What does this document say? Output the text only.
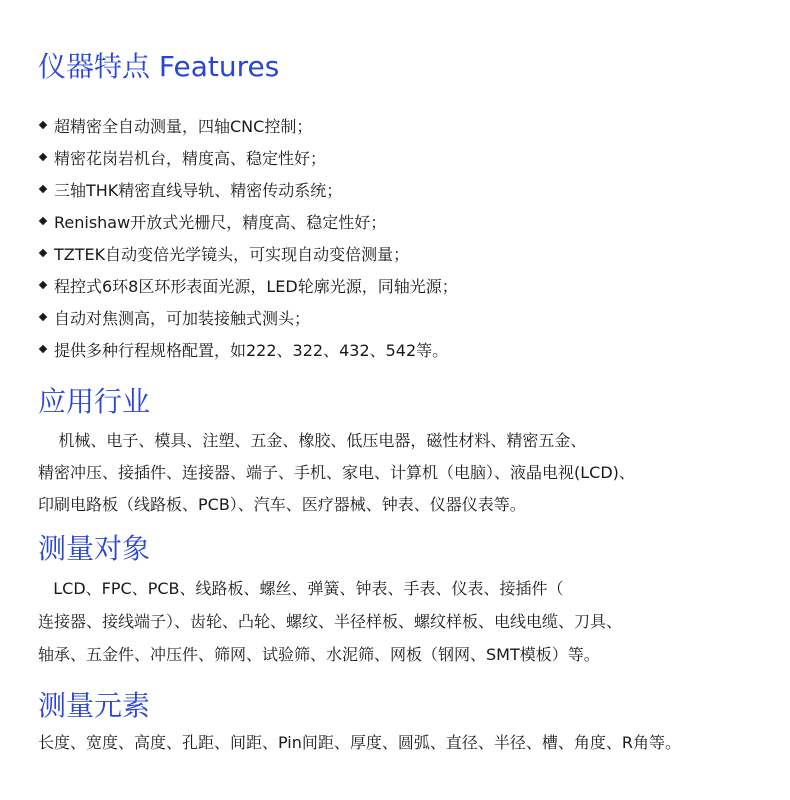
仪器特点 Features
超精密全自动测量，四轴CNC控制；
精密花岗岩机台，精度高、稳定性好；
三轴THK精密直线导轨、精密传动系统；
Renishaw开放式光栅尺，精度高、稳定性好；
TZTEK自动变倍光学镜头，可实现自动变倍测量；
程控式6环8区环形表面光源，LED轮廓光源，同轴光源；
自动对焦测高，可加装接触式测头；
提供多种行程规格配置，如222、322、432、542等。
应用行业

机械、电子、模具、注塑、五金、橡胶、低压电器，磁性材料、精密五金、

精密冲压、接插件、连接器、端子、手机、家电、计算机（电脑）、液晶电视(LCD)、

印刷电路板（线路板、PCB）、汽车、医疗器械、钟表、仪器仪表等。

测量对象

LCD、FPC、PCB、线路板、螺丝、弹簧、钟表、手表、仪表、接插件（

连接器、接线端子）、齿轮、凸轮、螺纹、半径样板、螺纹样板、电线电缆、刀具、

轴承、五金件、冲压件、筛网、试验筛、水泥筛、网板（钢网、SMT模板）等。

测量元素

长度、宽度、高度、孔距、间距、Pin间距、厚度、圆弧、直径、半径、槽、角度、R角等。
